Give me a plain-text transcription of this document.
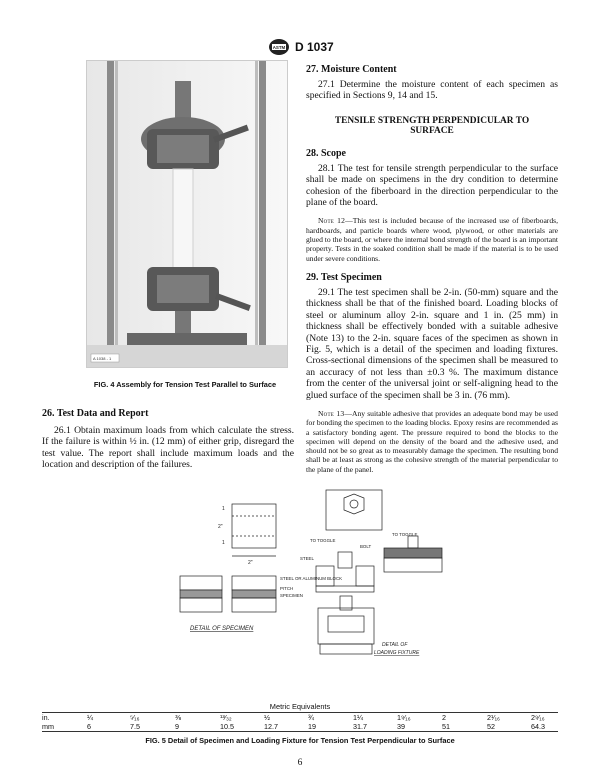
ASTM D 1037
A 1038 - 1

FIG. 4 Assembly for Tension Test Parallel to Surface

26. Test Data and Report

26.1 Obtain maximum loads from which calculate the stress. If the failure is within ½ in. (12 mm) of either grip, disregard the test value. The report shall include maximum loads and the location and description of the failures.

27. Moisture Content

27.1 Determine the moisture content of each specimen as specified in Sections 9, 14 and 15.

TENSILE STRENGTH PERPENDICULAR TO

SURFACE

28. Scope

28.1 The test for tensile strength perpendicular to the surface shall be made on specimens in the dry condition to determine cohesion of the fiberboard in the direction perpendicular to the plane of the board.

Note 12—This test is included because of the increased use of fiberboards, hardboards, and particle boards where wood, plywood, or other materials are glued to the board, or where the internal bond strength of the board is an important property. Tests in the soaked condition shall be made if the material is to be used under severe conditions.

29. Test Specimen

29.1 The test specimen shall be 2-in. (50-mm) square and the thickness shall be that of the finished board. Loading blocks of steel or aluminum alloy 2-in. square and 1 in. (25 mm) in thickness shall be effectively bonded with a suitable adhesive (Note 13) to the 2-in. square faces of the specimen as shown in Fig. 5, which is a detail of the specimen and loading fixtures. Cross-sectional dimensions of the specimen shall be measured to an accuracy of not less than ±0.3 %. The maximum distance from the center of the universal joint or self-aligning head to the glued surface of the specimen shall be 3 in. (76 mm).

Note 13—Any suitable adhesive that provides an adequate bond may be used for bonding the specimen to the loading blocks. Epoxy resins are recommended as a satisfactory bonding agent. The pressure required to bond the blocks to the specimen will depend on the density of the board and the adhesive used, and should not be so great as to measurably damage the specimen. The resulting bond shall be at least as strong as the cohesive strength of the material perpendicular to the plane of the panel.

1
1
2"
2"
STEEL OR ALUMINUM BLOCK
PITCH
SPECIMEN
DETAIL OF SPECIMEN
TO TOGGLE
BOLT
STEEL
TO TOGGLE
DETAIL OF
LOADING FIXTURE

Metric Equivalents

in.	¼	⁵⁄₁₆	⅜	¹³⁄₃₂	½	¾	1¼	1⁹⁄₁₆	2	2¹⁄₁₆	2⁹⁄₁₆
mm	6	7.5	9	10.5	12.7	19	31.7	39	51	52	64.3

FIG. 5 Detail of Specimen and Loading Fixture for Tension Test Perpendicular to Surface

6
